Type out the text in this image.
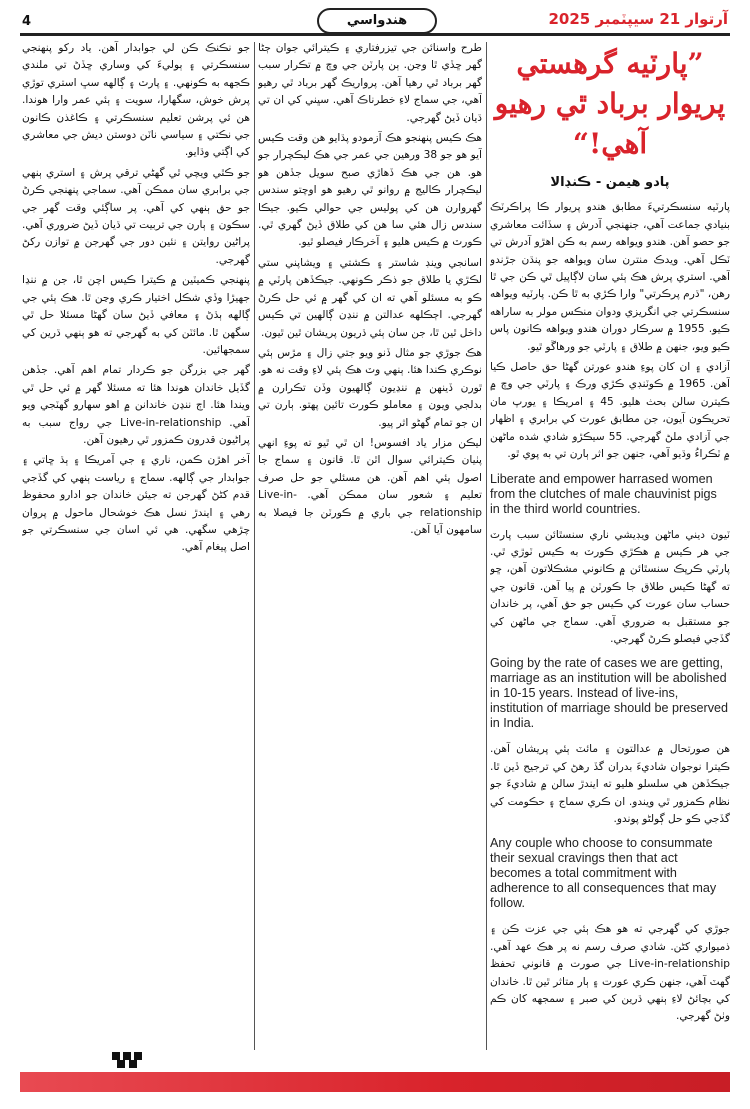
4	هندواسي	آرتوار 21 سيپٽمبر 2025
”پارٽيه گرهستي پريوار برباد ٿي رهيو آهي!“
پادو هيمن - ڪنڊالا

پارٽيه سنسڪرتيءَ مطابق هندو پريوار ڪا پراڪرٽڪ بنيادي جماعت آهي، جنهنجي آدرش ۽ سڏائت معاشري جو حصو آهن. هندو ويواهه رسم به ڪن اهڙو آدرش تي ٽڪل آهي. ويدڪ منترن سان ويواهه جو پنڌن جڙندو آهي. استري پرش هڪ ٻئي سان لاڳاپيل ٿي ڪن جي ٿا رهن، "ڌرم پرڪرتي" وارا ڪڙي به ٿا ڪن. پارٽيه ويواهه سنسڪرتي جي انگريزي ودوان منڪس مولر به ساراهه ڪيو. 1955 ۾ سرڪار دوران هندو ويواهه ڪانون پاس ڪيو ويو، جنهن ۾ طلاق ۽ پارٽي جو ورهاڱو ٿيو.

آزادي ۽ ان کان پوءِ هندو عورتن گهڻا حق حاصل ڪيا آهن. 1965 ۾ ڪوٽنڊي ڪڙي ورڪ ۽ پارٽي جي وچ ۾ ڪيترن سالن بحث هليو. 45 ۽ امريڪا ۽ يورپ مان تحريڪون آيون، جن مطابق عورت کي برابري ۽ اظهار جي آزادي ملڻ گهرجي. 55 سيڪڙو شادي شده ماڻهن ۾ ٽڪراءُ وڌيو آهي، جنهن جو اثر ٻارن تي به پوي ٿو.

Liberate and empower harrased women from the clutches of male chauvinist pigs in the third world countries.

ٽيون ديني ماڻهن ويڊيشي ناري سنسٿائن سبب پارٽ جي هر ڪيس ۾ هڪڙي ڪورٽ به ڪيس ٽوڙي ٿي. پارٽي ڪرپڪ سنسٿائن ۾ ڪانوني مشڪلاتون آهن، ڇو ته گهڻا ڪيس طلاق جا ڪورٽن ۾ پيا آهن. قانون جي حساب سان عورت کي ڪيس جو حق آهي، پر خاندان جو مستقبل به ضروري آهي. سماج جي ماڻهن کي گڏجي فيصلو ڪرڻ گهرجي.

Going by the rate of cases we are getting, marriage as an institution will be abolished in 10-15 years. Instead of live-ins, institution of marriage should be preserved in India.

هن صورتحال ۾ عدالتون ۽ مائٽ ٻئي پريشان آهن. ڪيترا نوجوان شاديءَ بدران گڏ رهڻ کي ترجيح ڏين ٿا. جيڪڏهن هي سلسلو هليو ته ايندڙ سالن ۾ شاديءَ جو نظام ڪمزور ٿي ويندو. ان ڪري سماج ۽ حڪومت کي گڏجي ڪو حل ڳولڻو پوندو.

Any couple who choose to consummate their sexual cravings then that act becomes a total commitment with adherence to all consequences that may follow.

جوڙي کي گهرجي ته هو هڪ ٻئي جي عزت ڪن ۽ ذميواري کڻن. شادي صرف رسم نه پر هڪ عهد آهي. Live-in-relationship جي صورت ۾ قانوني تحفظ گهٽ آهي، جنهن ڪري عورت ۽ ٻار متاثر ٿين ٿا. خاندان کي بچائڻ لاءِ ٻنهي ڌرين کي صبر ۽ سمجهه کان ڪم وٺڻ گهرجي.

طرح واسنائن جي تيزرفتاري ۽ ڪيترائي جوان ڄڻا گهر ڇڏي ٿا وڃن. ٻن پارٽن جي وچ ۾ تڪرار سبب گهر برباد ٿي رهيا آهن. پرواريڪ گهر برباد ٿي رهيو آهي، جي سماج لاءِ خطرناڪ آهي. سڀني کي ان تي ڌيان ڏيڻ گهرجي.

هڪ ڪيس پنهنجو هڪ آزمودو پڌايو هن وقت ڪيس آيو هو جو 38 ورهين جي عمر جي هڪ ليڪچرار جو هو. هن جي هڪ ڏهاڙي صبح سويل جڏهن هو ليڪچرار ڪاليج ۾ روانو ٿي رهيو هو اوچتو سندس گهروارن هن کي پوليس جي حوالي ڪيو. جيڪا سندس زال هئي سا هن کي طلاق ڏيڻ گهري ٿي. ڪورٽ ۾ ڪيس هليو ۽ آخرڪار فيصلو ٿيو.

اسانجي وينڊ شاستر ۽ ڪشتي ۽ ويشاپني ستي لڪڙي يا طلاق جو ذڪر ڪونهي. جيڪڏهن پارٽي ۾ ڪو به مسئلو آهي ته ان کي گهر ۾ ئي حل ڪرڻ گهرجي. اڄڪلهه عدالتن ۾ ننڍن ڳالهين تي ڪيس داخل ٿين ٿا، جن سان ٻئي ڌريون پريشان ٿين ٿيون.

هڪ جوڙي جو مثال ڏنو ويو جتي زال ۽ مڙس ٻئي نوڪري ڪندا هئا. ٻنهي وٽ هڪ ٻئي لاءِ وقت نه هو. ٿورن ڏينهن ۾ ننڍيون ڳالهيون وڏن تڪرارن ۾ بدلجي ويون ۽ معاملو ڪورٽ تائين پهتو. ٻارن تي ان جو تمام گهڻو اثر پيو.

ليڪن مزار ياد افسوس! ان ٿي ٿيو ته پوءِ انهي پٺيان ڪيترائي سوال اٿن ٿا. قانون ۽ سماج جا اصول ٻئي اهم آهن. هن مسئلي جو حل صرف تعليم ۽ شعور سان ممڪن آهي. Live-in-relationship جي باري ۾ ڪورٽن جا فيصلا به سامهون آيا آهن.

جو نڪنڪ ڪن لي جوابدار آهن. ياد رکو پنهنجي سنسڪرتي ۽ ٻوليءَ کي وساري ڇڏڻ تي ملندي ڪجهه به ڪونهي. ۽ پارٽ ۽ ڳالهه سڀ استري توڙي پرش خوش، سگهارا، سويت ۽ ٻئي عمر وارا هوندا. هن ئي پرشن تعليم سنسڪرتي ۽ ڪاغذن ڪانون جي نڪتي ۽ سياسي ناٽن دوستن ديش جي معاشري کي اڳتي وڌايو.

جو ڪٿي ويچي ٿي گهڻي ترقي پرش ۽ استري ٻنهي جي برابري سان ممڪن آهي. سماجي پنهنجي ڪرڻ جو حق ٻنهي کي آهي. پر ساڳئي وقت گهر جي سڪون ۽ ٻارن جي تربيت تي ڌيان ڏيڻ ضروري آهي. پراڻين روايتن ۽ نئين دور جي گهرجن ۾ توازن رکڻ گهرجي.

پنهنجي ڪميٽين ۾ ڪيترا ڪيس اچن ٿا، جن ۾ ننڍا جهيڙا وڏي شڪل اختيار ڪري وڃن ٿا. هڪ ٻئي جي ڳالهه ٻڌڻ ۽ معافي ڏيڻ سان گهڻا مسئلا حل ٿي سگهن ٿا. مائٽن کي به گهرجي ته هو ٻنهي ڌرين کي سمجهائين.

گهر جي بزرگن جو ڪردار تمام اهم آهي. جڏهن گڏيل خاندان هوندا هئا ته مسئلا گهر ۾ ئي حل ٿي ويندا هئا. اڄ ننڍن خاندانن ۾ اهو سهارو گهٽجي ويو آهي. Live-in-relationship جي رواج سبب به پراڻيون قدرون ڪمزور ٿي رهيون آهن.

آخر اهڙن ڪمن، ناري ۽ جي آمريڪا ۽ ٻڌ ڇاتي ۽ جوابدار جي ڳالهه. سماج ۽ رياست ٻنهي کي گڏجي قدم کڻڻ گهرجن ته جيئن خاندان جو ادارو محفوظ رهي ۽ ايندڙ نسل هڪ خوشحال ماحول ۾ پروان چڙهي سگهي. هي ئي اسان جي سنسڪرتي جو اصل پيغام آهي.
